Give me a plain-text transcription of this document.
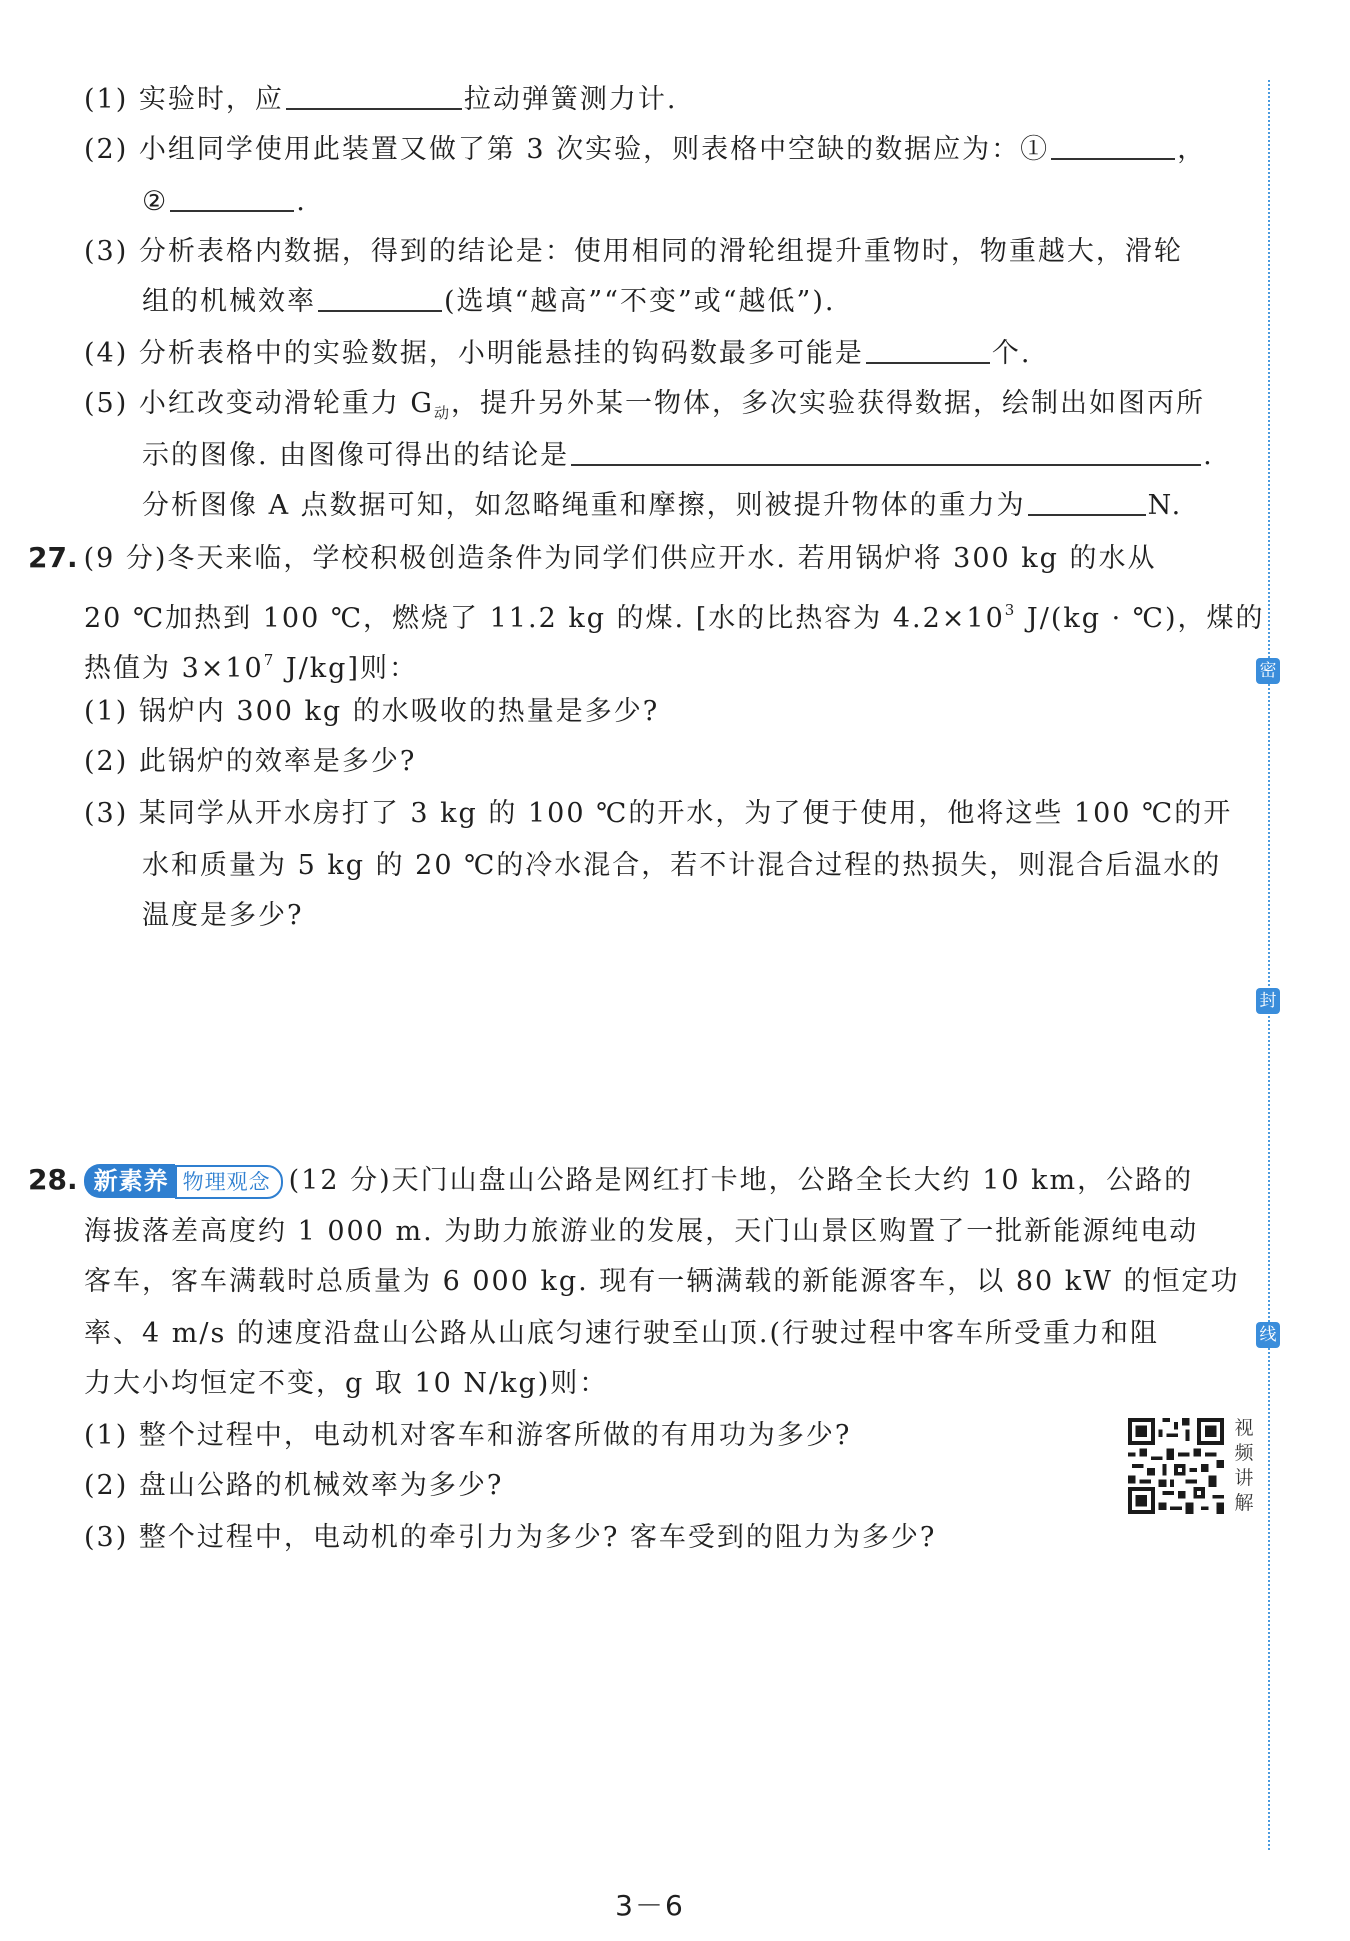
密
封
线
(1) 实验时，应	拉动弹簧测力计.
(2) 小组同学使用此装置又做了第 3 次实验，则表格中空缺的数据应为：①	，
②	.
(3) 分析表格内数据，得到的结论是：使用相同的滑轮组提升重物时，物重越大，滑轮
组的机械效率	(选填“越高”“不变”或“越低”).
(4) 分析表格中的实验数据，小明能悬挂的钩码数最多可能是	个.
(5) 小红改变动滑轮重力 $G_动$，提升另外某一物体，多次实验获得数据，绘制出如图丙所
示的图像. 由图像可得出的结论是	.
分析图像 A 点数据可知，如忽略绳重和摩擦，则被提升物体的重力为	N.
27. (9 分)冬天来临，学校积极创造条件为同学们供应开水. 若用锅炉将 300 kg 的水从
20 ℃加热到 100 ℃，燃烧了 11.2 kg 的煤. [水的比热容为 $4.2\times 10^3$ J/(kg · ℃)，煤的
热值为 $3\times 10^7$ J/kg]则：
(1) 锅炉内 300 kg 的水吸收的热量是多少?
(2) 此锅炉的效率是多少?
(3) 某同学从开水房打了 3 kg 的 100 ℃的开水，为了便于使用，他将这些 100 ℃的开
水和质量为 5 kg 的 20 ℃的冷水混合，若不计混合过程的热损失，则混合后温水的
温度是多少?
28. 新素养 物理观念 (12 分)天门山盘山公路是网红打卡地，公路全长大约 10 km，公路的
海拔落差高度约 1 000 m. 为助力旅游业的发展，天门山景区购置了一批新能源纯电动
客车，客车满载时总质量为 6 000 kg. 现有一辆满载的新能源客车，以 80 kW 的恒定功
率、4 m/s 的速度沿盘山公路从山底匀速行驶至山顶.(行驶过程中客车所受重力和阻
力大小均恒定不变，g 取 10 N/kg)则：
(1) 整个过程中，电动机对客车和游客所做的有用功为多少?
(2) 盘山公路的机械效率为多少?
(3) 整个过程中，电动机的牵引力为多少? 客车受到的阻力为多少?
视
频
讲
解
3－6
